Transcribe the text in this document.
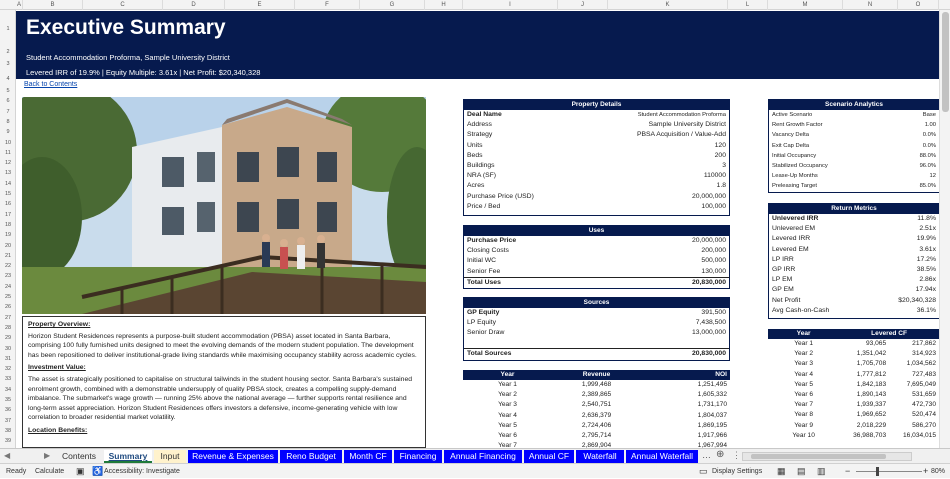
A	B	C	D	E	F	G	H	I	J	K	L	M	N	O
1
2
3
4
5
6
7
8
9
10
11
12
13
14
15
16
17
18
19
20
21
22
23
24
25
26
27
28
29
30
31
32
33
34
35
36
37
38
39
Executive Summary
Student Accommodation Proforma, Sample University District
Levered IRR of 19.9% | Equity Multiple: 3.61x | Net Profit: $20,340,328
Back to Contents

Property Overview:

Horizon Student Residences represents a purpose-built student accommodation (PBSA) asset located in Santa Barbara, comprising 100 fully furnished units designed to meet the evolving demands of the modern student population. The development has been repositioned to deliver institutional-grade living standards while maximising occupancy stability across academic cycles.

Investment Value:

The asset is strategically positioned to capitalise on structural tailwinds in the student housing sector. Santa Barbara's sustained enrolment growth, combined with a demonstrable undersupply of quality PBSA stock, creates a compelling supply-demand imbalance. The submarket's wage growth — running 25% above the national average — further supports rental resilience and long-term asset appreciation. Horizon Student Residences offers investors a defensive, income-generating vehicle with low correlation to broader residential market volatility.

Location Benefits:

Property Details
Deal Name	Student Accommodation Proforma
Address	Sample University District
Strategy	PBSA Acquisition / Value-Add
Units	120
Beds	200
Buildings	3
NRA (SF)	110000
Acres	1.8
Purchase Price (USD)	20,000,000
Price / Bed	100,000
Uses
Purchase Price	20,000,000
Closing Costs	200,000
Initial WC	500,000
Senior Fee	130,000
Total Uses	20,830,000
Sources
GP Equity	391,500
LP Equity	7,438,500
Senior Draw	13,000,000
Total Sources	20,830,000
Year	Revenue	NOI
Year 1	1,999,468	1,251,495
Year 2	2,389,865	1,605,332
Year 3	2,540,751	1,731,170
Year 4	2,636,379	1,804,037
Year 5	2,724,406	1,869,195
Year 6	2,795,714	1,917,966
Year 7	2,869,904	1,967,994
Scenario Analytics
Active Scenario	Base
Rent Growth Factor	1.00
Vacancy Delta	0.0%
Exit Cap Delta	0.0%
Initial Occupancy	88.0%
Stabilized Occupancy	96.0%
Lease-Up Months	12
Preleasing Target	85.0%
Return Metrics
Unlevered IRR	11.8%
Unlevered EM	2.51x
Levered IRR	19.9%
Levered EM	3.61x
LP IRR	17.2%
GP IRR	38.5%
LP EM	2.86x
GP EM	17.94x
Net Profit	$20,340,328
Avg Cash-on-Cash	36.1%
Year	Levered CF
Year 1	93,065	217,862
Year 2	1,351,042	314,923
Year 3	1,705,708	1,034,562
Year 4	1,777,812	727,483
Year 5	1,842,183	7,695,049
Year 6	1,890,143	531,659
Year 7	1,939,337	472,730
Year 8	1,969,652	520,474
Year 9	2,018,229	586,270
Year 10	36,988,703	16,034,015
◀	▶	Contents	Summary	Input	Revenue & Expenses	Reno Budget	Month CF	Financing	Annual Financing	Annual CF	Waterfall	Annual Waterfall … ⊕ ⋮
Ready Calculate ▣ ♿ Accessibility: Investigate	▭ Display Settings ▦ ▤ ▥ −	+ 80%
